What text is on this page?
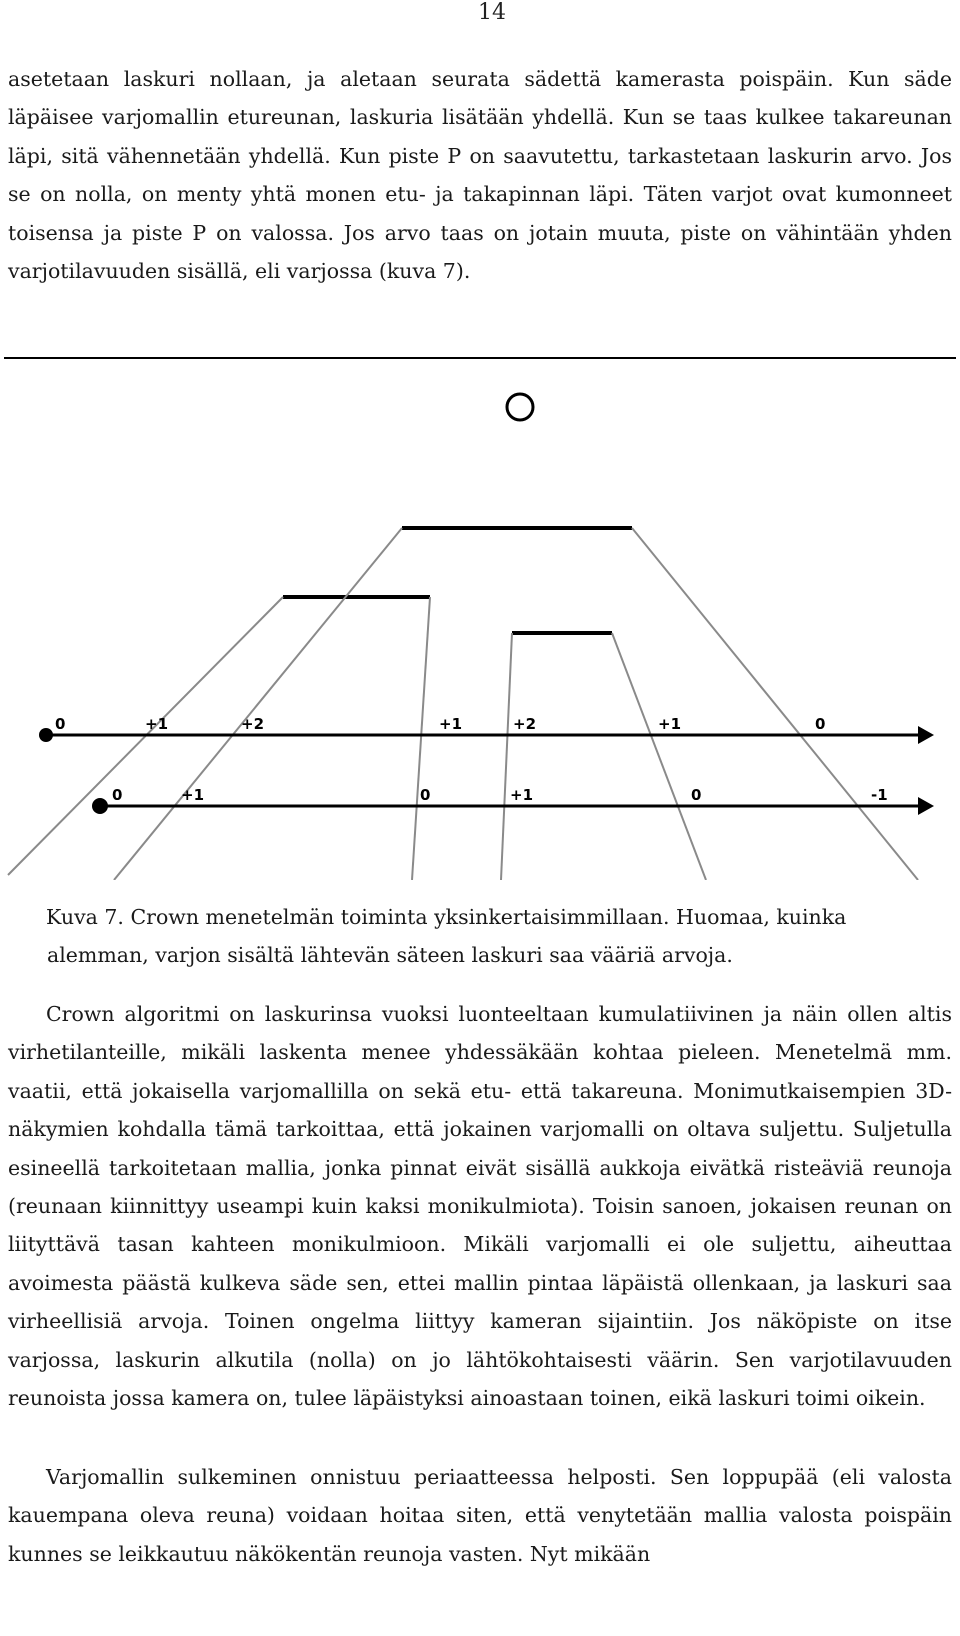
14

asetetaan laskuri nollaan, ja aletaan seurata sädettä kamerasta poispäin. Kun säde läpäisee varjomallin etureunan, laskuria lisätään yhdellä. Kun se taas kulkee takareunan läpi, sitä vähennetään yhdellä. Kun piste P on saavutettu, tarkastetaan laskurin arvo. Jos se on nolla, on menty yhtä monen etu- ja takapinnan läpi. Täten varjot ovat kumonneet toisensa ja piste P on valossa. Jos arvo taas on jotain muuta, piste on vähintään yhden varjotilavuuden sisällä, eli varjossa (kuva 7).

0	+1	+2	+1	+2	+1	0
0	+1	0	+1	0	-1

Kuva 7. Crown menetelmän toiminta yksinkertaisimmillaan. Huomaa, kuinka

alemman, varjon sisältä lähtevän säteen laskuri saa vääriä arvoja.

Crown algoritmi on laskurinsa vuoksi luonteeltaan kumulatiivinen ja näin ollen altis virhetilanteille, mikäli laskenta menee yhdessäkään kohtaa pieleen. Menetelmä mm. vaatii, että jokaisella varjomallilla on sekä etu- että takareuna. Monimutkaisempien 3D-näkymien kohdalla tämä tarkoittaa, että jokainen varjomalli on oltava suljettu. Suljetulla esineellä tarkoitetaan mallia, jonka pinnat eivät sisällä aukkoja eivätkä risteäviä reunoja (reunaan kiinnittyy useampi kuin kaksi monikulmiota). Toisin sanoen, jokaisen reunan on liityttävä tasan kahteen monikulmioon. Mikäli varjomalli ei ole suljettu, aiheuttaa avoimesta päästä kulkeva säde sen, ettei mallin pintaa läpäistä ollenkaan, ja laskuri saa virheellisiä arvoja. Toinen ongelma liittyy kameran sijaintiin. Jos näköpiste on itse varjossa, laskurin alkutila (nolla) on jo lähtökohtaisesti väärin. Sen varjotilavuuden reunoista jossa kamera on, tulee läpäistyksi ainoastaan toinen, eikä laskuri toimi oikein.

Varjomallin sulkeminen onnistuu periaatteessa helposti. Sen loppupää (eli valosta kauempana oleva reuna) voidaan hoitaa siten, että venytetään mallia valosta poispäin kunnes se leikkautuu näkökentän reunoja vasten. Nyt mikään
